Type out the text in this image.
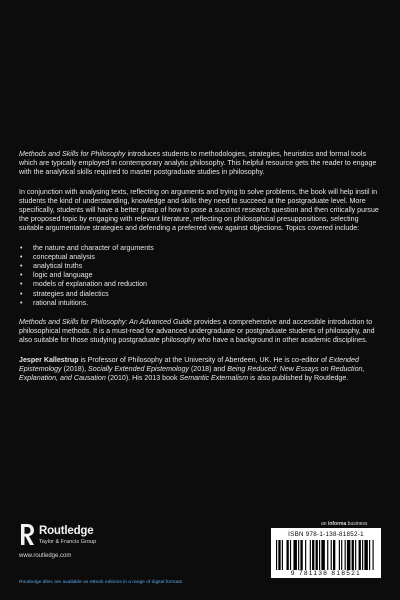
Methods and Skills for Philosophy introduces students to methodologies, strategies, heuristics and formal tools which are typically employed in contemporary analytic philosophy. This helpful resource gets the reader to engage with the analytical skills required to master postgraduate studies in philosophy.

In conjunction with analysing texts, reflecting on arguments and trying to solve problems, the book will help instil in students the kind of understanding, knowledge and skills they need to succeed at the postgraduate level. More specifically, students will have a better grasp of how to pose a succinct research question and then critically pursue the proposed topic by engaging with relevant literature, reflecting on philosophical presuppositions, selecting suitable argumentative strategies and defending a preferred view against objections. Topics covered include:

• the nature and character of arguments
• conceptual analysis
• analytical truths
• logic and language
• models of explanation and reduction
• strategies and dialectics
• rational intuitions.

Methods and Skills for Philosophy: An Advanced Guide provides a comprehensive and accessible introduction to philosophical methods. It is a must-read for advanced undergraduate or postgraduate students of philosophy, and also suitable for those studying postgraduate philosophy who have a background in other academic disciplines.

Jesper Kallestrup is Professor of Philosophy at the University of Aberdeen, UK. He is co-editor of Extended Epistemology (2018), Socially Extended Epistemology (2018) and Being Reduced: New Essays on Reduction, Explanation, and Causation (2010). His 2013 book Semantic Externalism is also published by Routledge.

Routledge
Taylor & Francis Group
www.routledge.com
an informa business
ISBN 978-1-138-81852-1
9 781138 818521
Routledge titles are available as eBook editions in a range of digital formats
